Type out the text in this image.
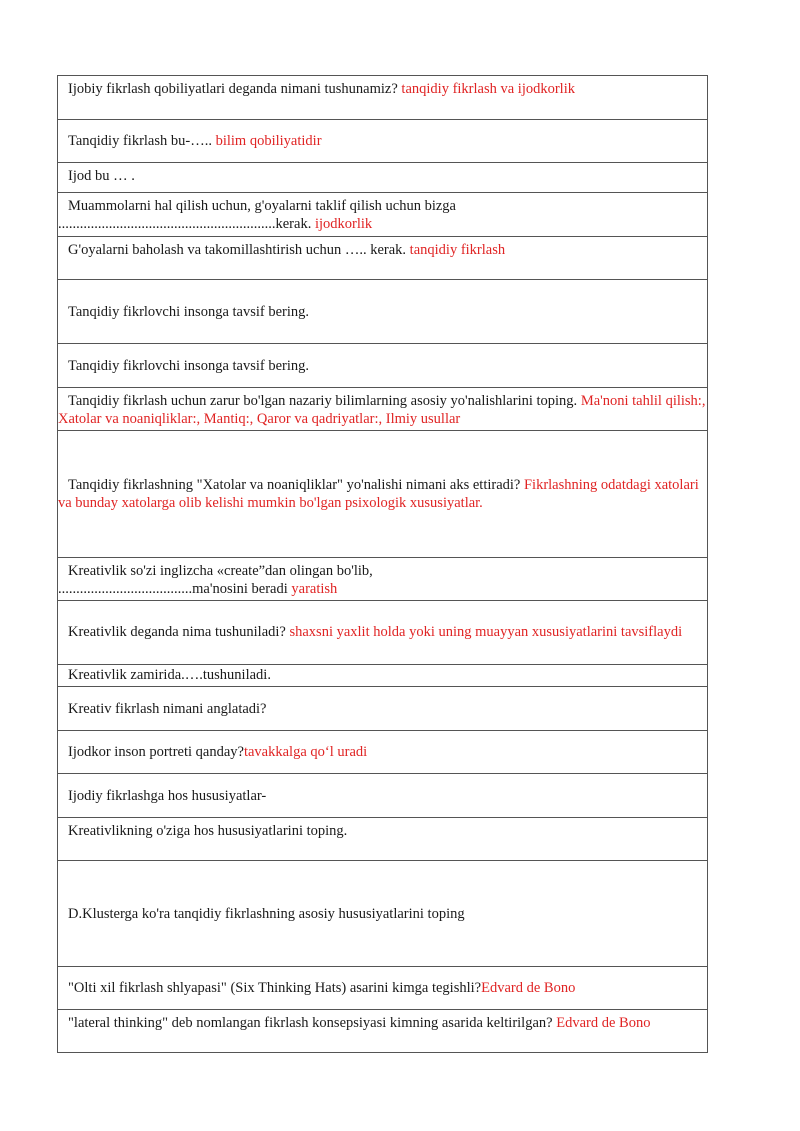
Ijobiy fikrlash qobiliyatlari deganda nimani tushunamiz? tanqidiy fikrlash va ijodkorlik

Tanqidiy fikrlash bu-….. bilim qobiliyatidir

Ijod bu … .

Muammolarni hal qilish uchun, g'oyalarni taklif qilish uchun bizga
............................................................kerak. ijodkorlik

G'oyalarni baholash va takomillashtirish uchun ….. kerak. tanqidiy fikrlash

Tanqidiy fikrlovchi insonga tavsif bering.

Tanqidiy fikrlovchi insonga tavsif bering.

Tanqidiy fikrlash uchun zarur bo'lgan nazariy bilimlarning asosiy yo'nalishlarini toping. Ma'noni tahlil qilish:, Xatolar va noaniqliklar:, Mantiq:, Qaror va qadriyatlar:, Ilmiy usullar

Tanqidiy fikrlashning "Xatolar va noaniqliklar" yo'nalishi nimani aks ettiradi? Fikrlashning odatdagi xatolari va bunday xatolarga olib kelishi mumkin bo'lgan psixologik xususiyatlar.

Kreativlik so'zi inglizcha «create”dan olingan bo'lib,
.....................................ma'nosini beradi yaratish

Kreativlik deganda nima tushuniladi? shaxsni yaxlit holda yoki uning muayyan xususiyatlarini tavsiflaydi

Kreativlik zamirida.….tushuniladi.

Kreativ fikrlash nimani anglatadi?

Ijodkor inson portreti qanday? tavakkalga qo‘l uradi

Ijodiy fikrlashga hos hususiyatlar-

Kreativlikning o'ziga hos hususiyatlarini toping.

D.Klusterga ko'ra tanqidiy fikrlashning asosiy hususiyatlarini toping

"Olti xil fikrlash shlyapasi" (Six Thinking Hats) asarini kimga tegishli? Edvard de Bono

"lateral thinking" deb nomlangan fikrlash konsepsiyasi kimning asarida keltirilgan? Edvard de Bono
